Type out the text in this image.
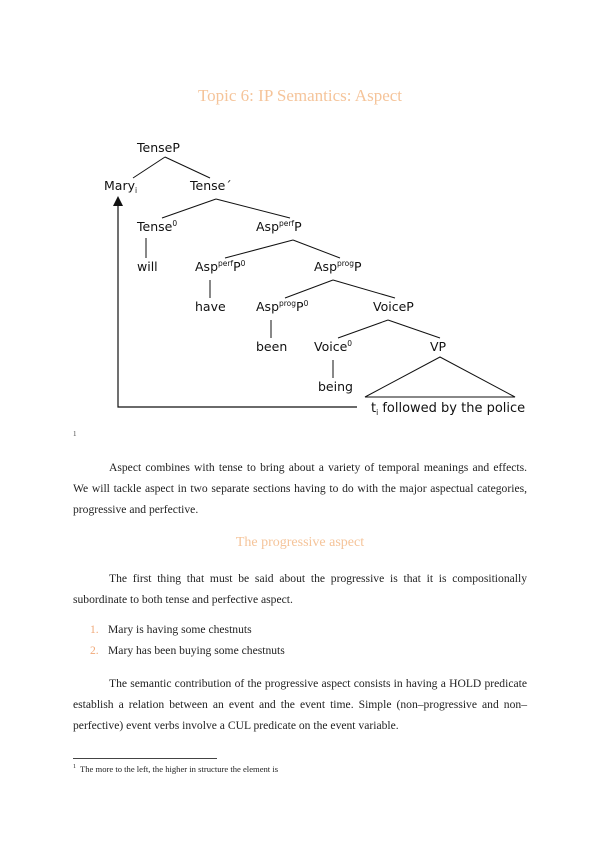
Topic 6: IP Semantics: Aspect
TenseP
Mary$_i$	Tense´
Tense$^0$	Asp$^{perf}$P
will	$Asp^{perf}P^0$	Asp$^{prog}$P
have $Asp^{prog}P^0$	VoiceP
been Voice$^0$	VP
being
$t_i$ followed by the police
1

Aspect combines with tense to bring about a variety of temporal meanings and effects. We will tackle aspect in two separate sections having to do with the major aspectual categories, progressive and perfective.

The progressive aspect

The first thing that must be said about the progressive is that it is compositionally subordinate to both tense and perfective aspect.

1. Mary is having some chestnuts
2. Mary has been buying some chestnuts

The semantic contribution of the progressive aspect consists in having a HOLD predicate establish a relation between an event and the event time. Simple (non–progressive and non–perfective) event verbs involve a CUL predicate on the event variable.

$^1$ The more to the left, the higher in structure the element is
